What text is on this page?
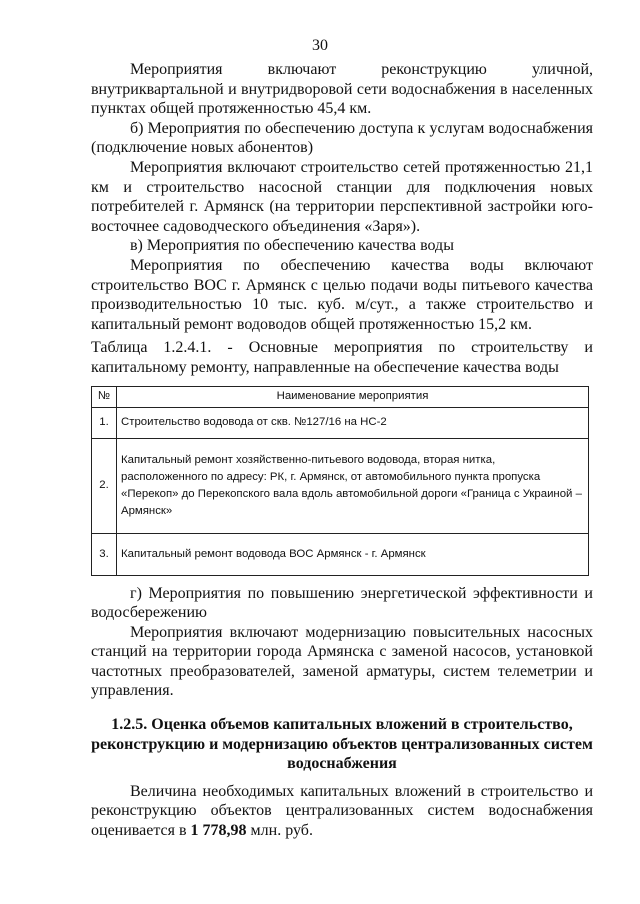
30

Мероприятия включают реконструкцию уличной, внутриквартальной и внутридворовой сети водоснабжения в населенных пунктах общей протяженностью 45,4 км.

б) Мероприятия по обеспечению доступа к услугам водоснабжения (подключение новых абонентов)

Мероприятия включают строительство сетей протяженностью 21,1 км и строительство насосной станции для подключения новых потребителей г. Армянск (на территории перспективной застройки юго-восточнее садоводческого объединения «Заря»).

в) Мероприятия по обеспечению качества воды

Мероприятия по обеспечению качества воды включают строительство ВОС г. Армянск с целью подачи воды питьевого качества производительностью 10 тыс. куб. м/сут., а также строительство и капитальный ремонт водоводов общей протяженностью 15,2 км.

Таблица 1.2.4.1. - Основные мероприятия по строительству и капитальному ремонту, направленные на обеспечение качества воды

№	Наименование мероприятия
1.	Строительство водовода от скв. №127/16 на НС-2
2.	Капитальный ремонт хозяйственно-питьевого водовода, вторая нитка, расположенного по адресу: РК, г. Армянск, от автомобильного пункта пропуска «Перекоп» до Перекопского вала вдоль автомобильной дороги «Граница с Украиной – Армянск»
3.	Капитальный ремонт водовода ВОС Армянск - г. Армянск

г) Мероприятия по повышению энергетической эффективности и водосбережению

Мероприятия включают модернизацию повысительных насосных станций на территории города Армянска с заменой насосов, установкой частотных преобразователей, заменой арматуры, систем телеметрии и управления.

1.2.5. Оценка объемов капитальных вложений в строительство, реконструкцию и модернизацию объектов централизованных систем водоснабжения

Величина необходимых капитальных вложений в строительство и реконструкцию объектов централизованных систем водоснабжения оценивается в 1 778,98 млн. руб.
